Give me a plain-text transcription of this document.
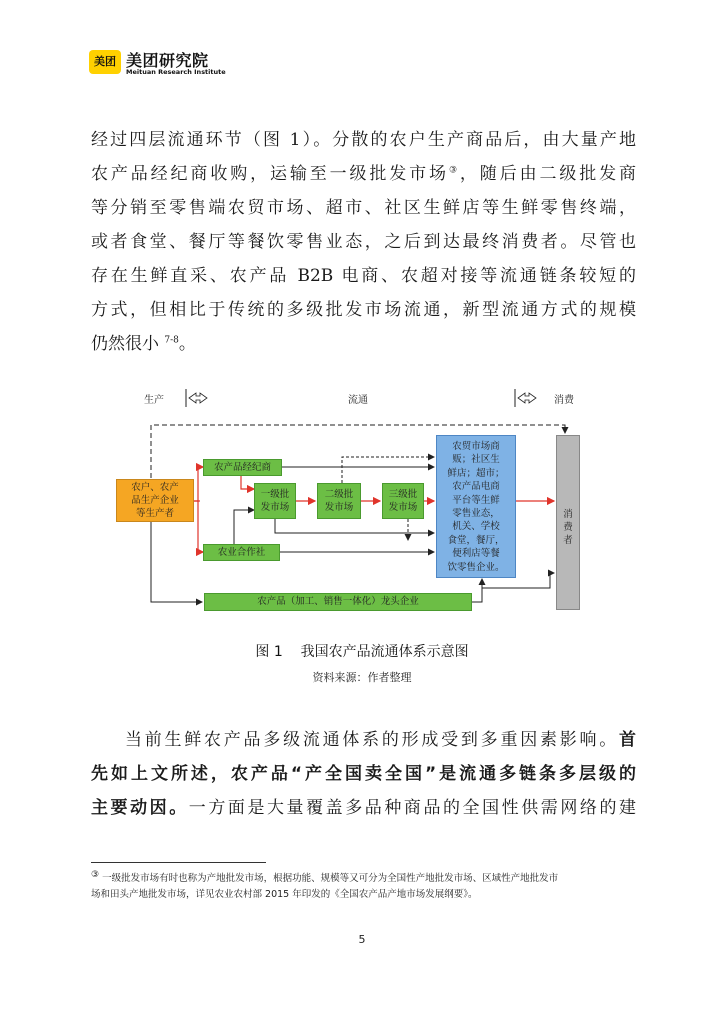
美团 美团研究院
Meituan Research Institute
经过四层流通环节（图 1）。分散的农户生产商品后，由大量产地
农产品经纪商收购，运输至一级批发市场③，随后由二级批发商
等分销至零售端农贸市场、超市、社区生鲜店等生鲜零售终端，
或者食堂、餐厅等餐饮零售业态，之后到达最终消费者。尽管也
存在生鲜直采、农产品 B2B 电商、农超对接等流通链条较短的
方式，但相比于传统的多级批发市场流通，新型流通方式的规模
仍然很小 $^{7-8}$。
生产	流通	消费
农户、农产
品生产企业
等生产者
农产品经纪商
农业合作社
一级批
发市场
二级批
发市场
三级批
发市场
农贸市场商
贩；社区生
鲜店；超市；
农产品电商
平台等生鲜
零售业态，
机关、学校
食堂，餐厅，
便利店等餐
饮零售企业。
消
费
者
农产品（加工、销售一体化）龙头企业
图 1    我国农产品流通体系示意图
资料来源：作者整理
当前生鲜农产品多级流通体系的形成受到多重因素影响。首
先如上文所述，农产品“产全国卖全国”是流通多链条多层级的
主要动因。一方面是大量覆盖多品种商品的全国性供需网络的建
③ 一级批发市场有时也称为产地批发市场，根据功能、规模等又可分为全国性产地批发市场、区域性产地批发市
场和田头产地批发市场，详见农业农村部 2015 年印发的《全国农产品产地市场发展纲要》。
5
